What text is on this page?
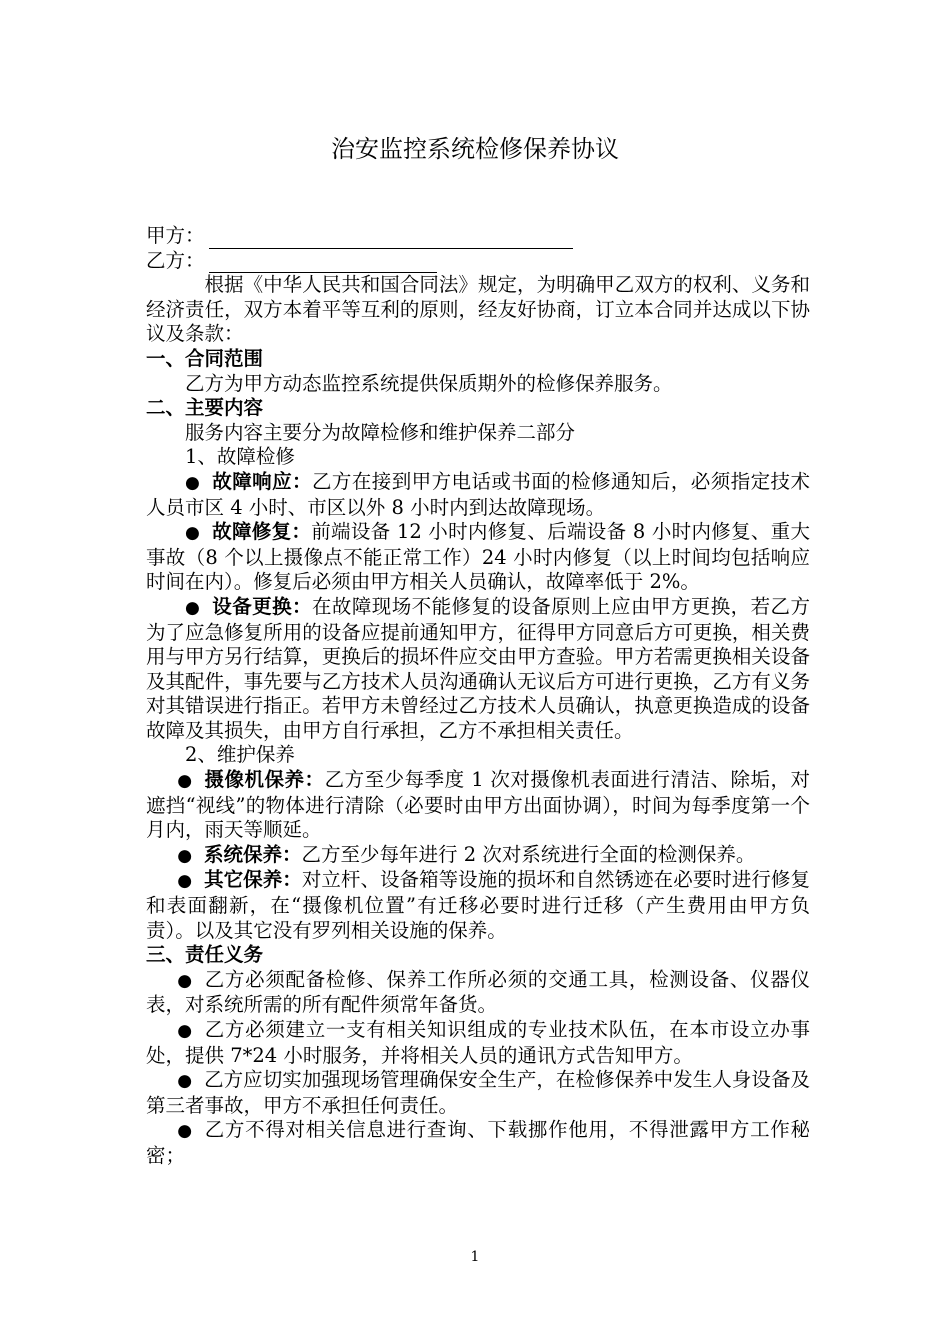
治安监控系统检修保养协议
甲方：
乙方：
根据《中华人民共和国合同法》规定，为明确甲乙双方的权利、义务和经济责任，双方本着平等互利的原则，经友好协商，订立本合同并达成以下协议及条款：
一、合同范围
乙方为甲方动态监控系统提供保质期外的检修保养服务。
二、主要内容
服务内容主要分为故障检修和维护保养二部分
1、故障检修
● 故障响应：乙方在接到甲方电话或书面的检修通知后，必须指定技术人员市区 4 小时、市区以外 8 小时内到达故障现场。
● 故障修复：前端设备 12 小时内修复、后端设备 8 小时内修复、重大事故（8 个以上摄像点不能正常工作）24 小时内修复（以上时间均包括响应时间在内）。修复后必须由甲方相关人员确认，故障率低于 2%。
● 设备更换：在故障现场不能修复的设备原则上应由甲方更换，若乙方为了应急修复所用的设备应提前通知甲方，征得甲方同意后方可更换，相关费用与甲方另行结算，更换后的损坏件应交由甲方查验。甲方若需更换相关设备及其配件，事先要与乙方技术人员沟通确认无议后方可进行更换，乙方有义务对其错误进行指正。若甲方未曾经过乙方技术人员确认，执意更换造成的设备故障及其损失，由甲方自行承担，乙方不承担相关责任。
2、维护保养
● 摄像机保养：乙方至少每季度 1 次对摄像机表面进行清洁、除垢，对遮挡“视线”的物体进行清除（必要时由甲方出面协调），时间为每季度第一个月内，雨天等顺延。
● 系统保养：乙方至少每年进行 2 次对系统进行全面的检测保养。
● 其它保养：对立杆、设备箱等设施的损坏和自然锈迹在必要时进行修复和表面翻新，在“摄像机位置”有迁移必要时进行迁移（产生费用由甲方负责）。以及其它没有罗列相关设施的保养。
三、责任义务
● 乙方必须配备检修、保养工作所必须的交通工具，检测设备、仪器仪表，对系统所需的所有配件须常年备货。
● 乙方必须建立一支有相关知识组成的专业技术队伍，在本市设立办事处，提供 7*24 小时服务，并将相关人员的通讯方式告知甲方。
● 乙方应切实加强现场管理确保安全生产，在检修保养中发生人身设备及第三者事故，甲方不承担任何责任。
● 乙方不得对相关信息进行查询、下载挪作他用，不得泄露甲方工作秘密；
1
